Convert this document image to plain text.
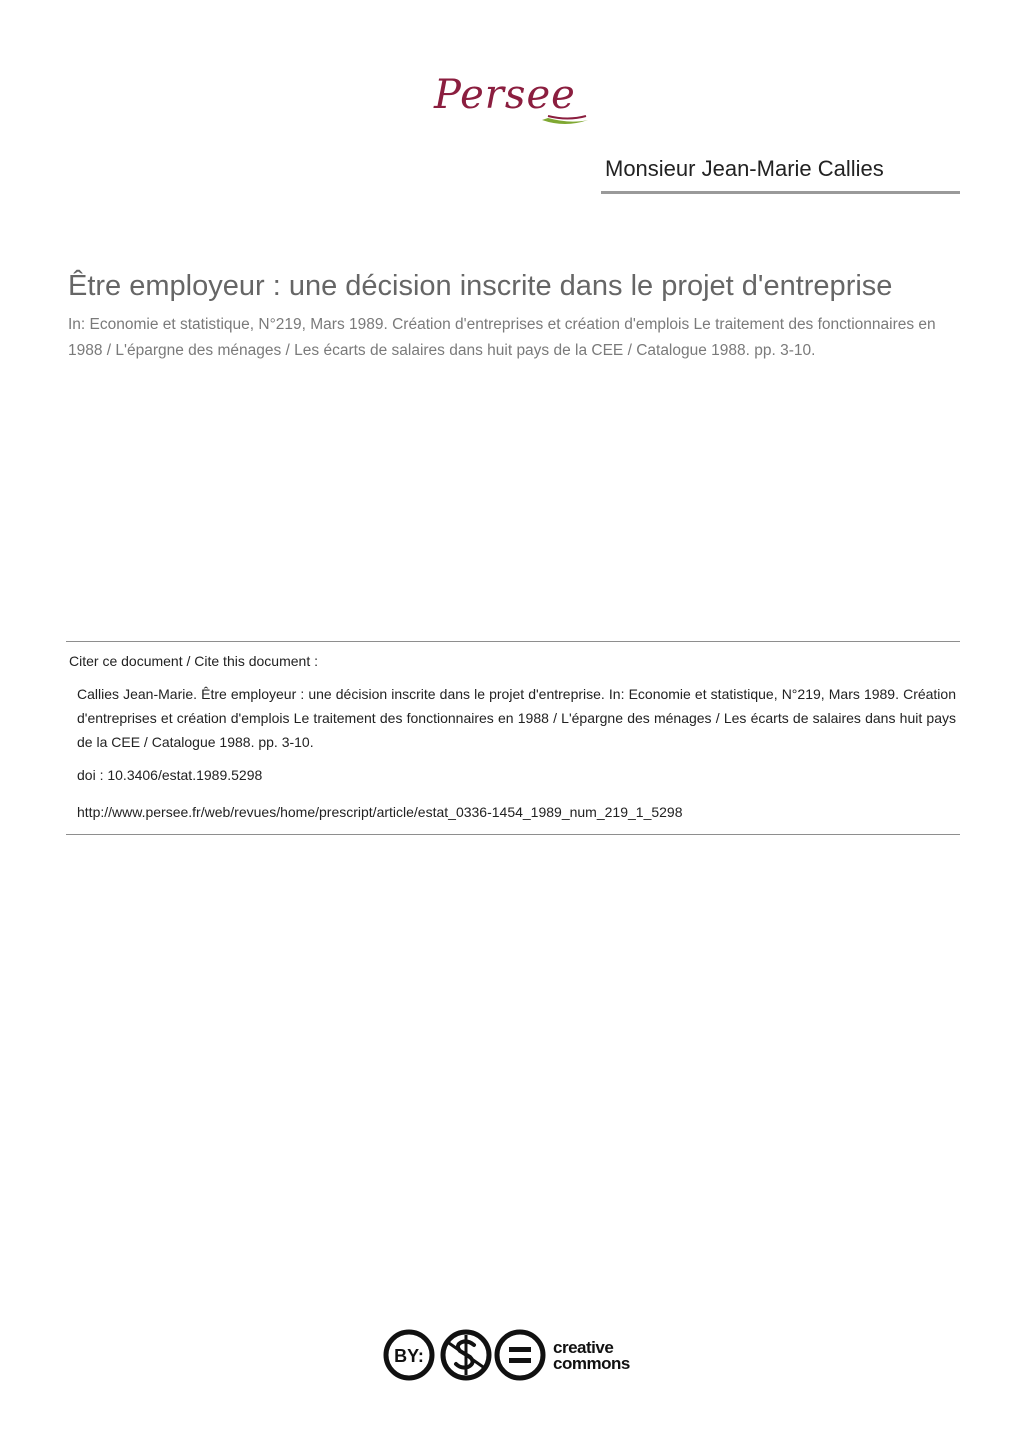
Persee
Monsieur Jean-Marie Callies
Être employeur : une décision inscrite dans le projet d'entreprise
In: Economie et statistique, N°219, Mars 1989. Création d'entreprises et création d'emplois Le traitement des fonctionnaires en 1988 / L'épargne des ménages / Les écarts de salaires dans huit pays de la CEE / Catalogue 1988. pp. 3-10.
Citer ce document / Cite this document :
Callies Jean-Marie. Être employeur : une décision inscrite dans le projet d'entreprise. In: Economie et statistique, N°219, Mars 1989. Création d'entreprises et création d'emplois Le traitement des fonctionnaires en 1988 / L'épargne des ménages / Les écarts de salaires dans huit pays de la CEE / Catalogue 1988. pp. 3-10.
doi : 10.3406/estat.1989.5298
http://www.persee.fr/web/revues/home/prescript/article/estat_0336-1454_1989_num_219_1_5298
BY:	creative
commons
